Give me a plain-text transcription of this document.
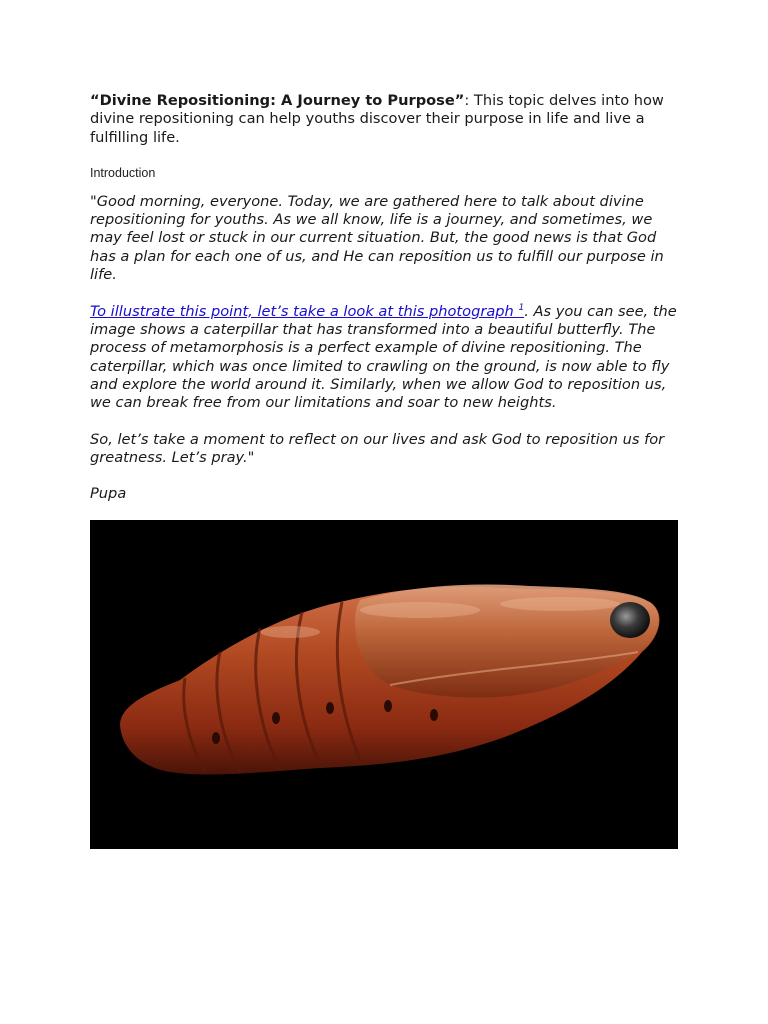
“Divine Repositioning: A Journey to Purpose”: This topic delves into how divine repositioning can help youths discover their purpose in life and live a fulfilling life.

Introduction

"Good morning, everyone. Today, we are gathered here to talk about divine repositioning for youths. As we all know, life is a journey, and sometimes, we may feel lost or stuck in our current situation. But, the good news is that God has a plan for each one of us, and He can reposition us to fulfill our purpose in life.

To illustrate this point, let’s take a look at this photograph $^1$. As you can see, the image shows a caterpillar that has transformed into a beautiful butterfly. The process of metamorphosis is a perfect example of divine repositioning. The caterpillar, which was once limited to crawling on the ground, is now able to fly and explore the world around it. Similarly, when we allow God to reposition us, we can break free from our limitations and soar to new heights.

So, let’s take a moment to reflect on our lives and ask God to reposition us for greatness. Let’s pray."

Pupa
